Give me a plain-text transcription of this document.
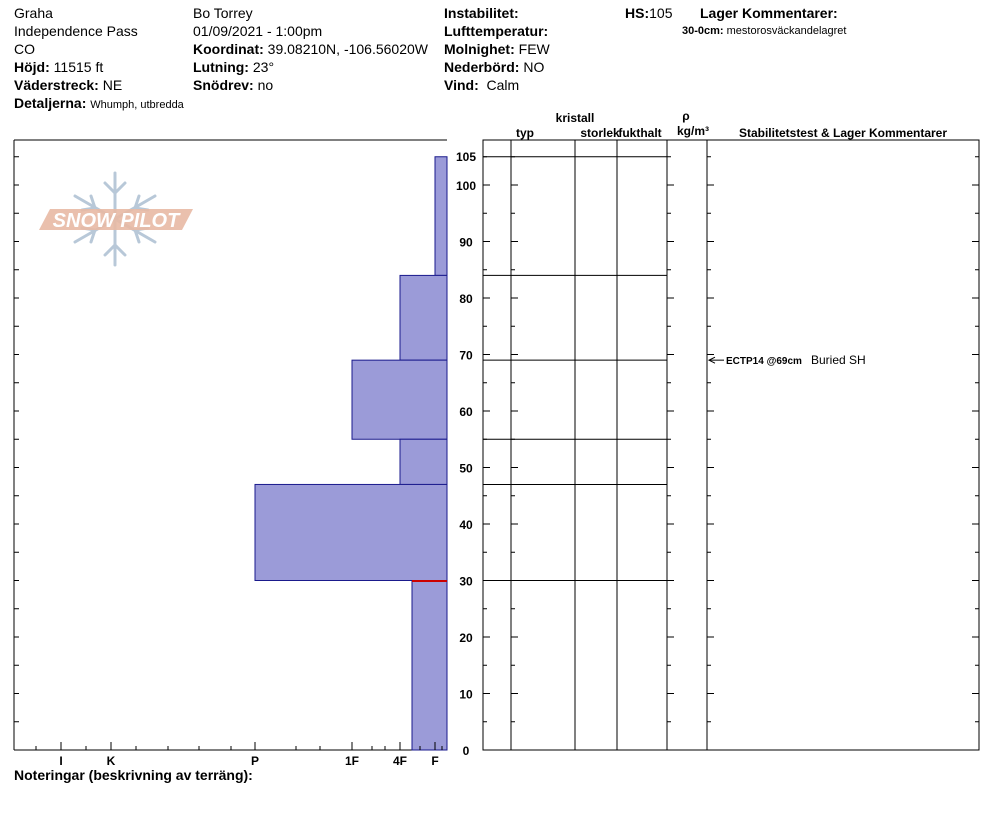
Graha
Independence Pass
CO
Höjd: 11515 ft
Väderstreck: NE
Detaljerna: Whumph, utbredda
Bo Torrey
01/09/2021 - 1:00pm
Koordinat: 39.08210N, -106.56020W
Lutning: 23°
Snödrev: no
Instabilitet:
Lufttemperatur:
Molnighet: FEW
Nederbörd: NO
Vind: Calm
HS:105 Lager Kommentarer:
30-0cm: mestorosväckandelagret
I	K	P	1F	4F F
0
10
20
30
40
50
60
70
80
90
100
105
kristall
typ	storlek
fukthalt
ρ
kg/m³ Stabilitetstest & Lager Kommentarer
ECTP14 @69cm Buried SH
SNOW PILOT
Noteringar (beskrivning av terräng):
